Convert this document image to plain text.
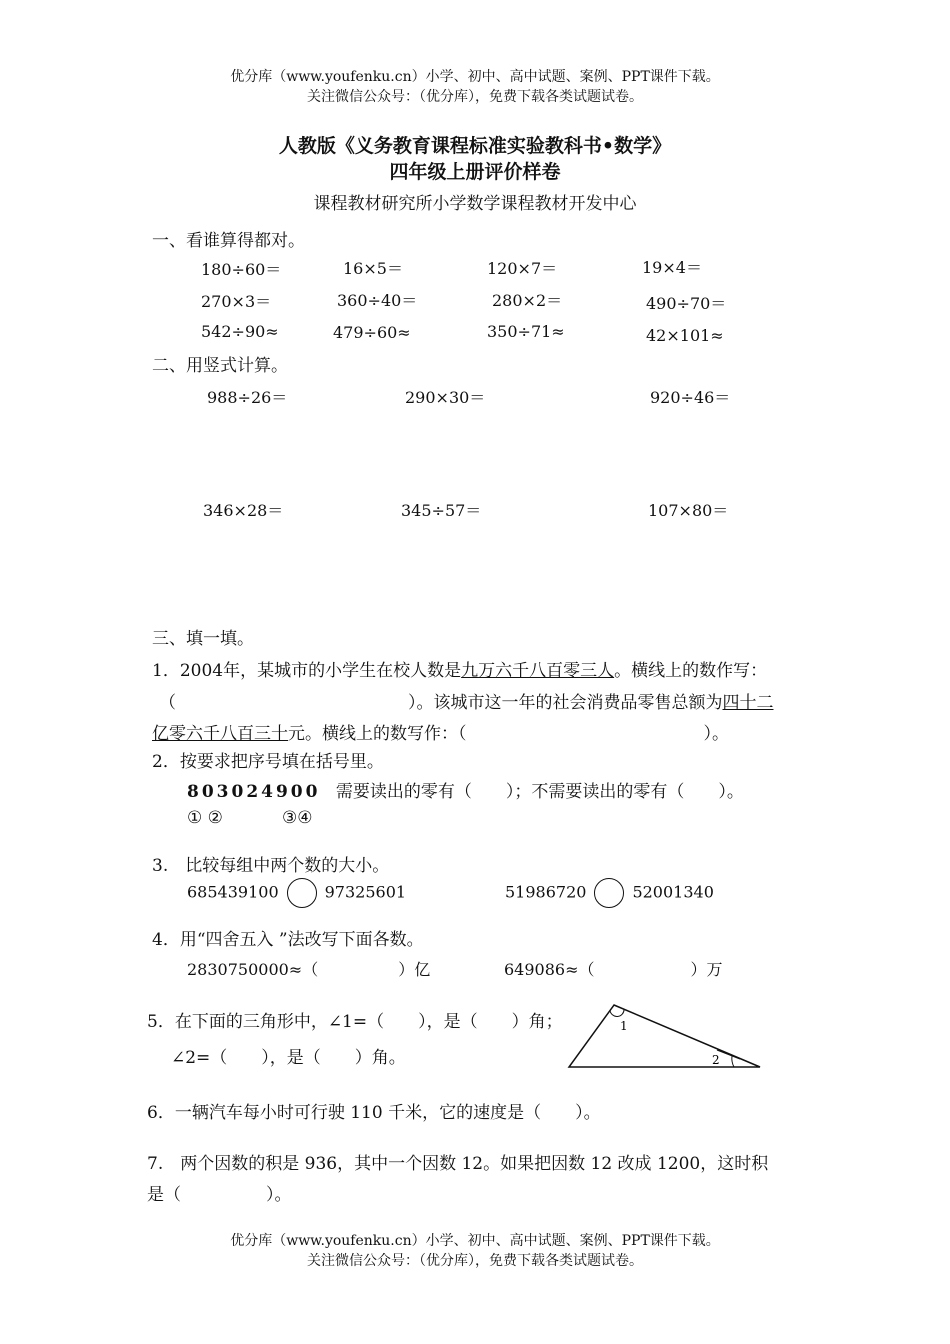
优分库（www.youfenku.cn）小学、初中、高中试题、案例、PPT课件下载。
关注微信公众号：（优分库），免费下载各类试题试卷。
人教版《义务教育课程标准实验教科书•数学》
四年级上册评价样卷
课程教材研究所小学数学课程教材开发中心
一、看谁算得都对。
180÷60＝	16×5＝	120×7＝	19×4＝
270×3＝	360÷40＝	280×2＝	490÷70＝
542÷90≈	479÷60≈	350÷71≈	42×101≈
二、用竖式计算。
988÷26＝	290×30＝	920÷46＝
346×28＝	345÷57＝	107×80＝
三、填一填。
1．2004年，某城市的小学生在校人数是九万六千八百零三人。横线上的数作写：
（	）。该城市这一年的社会消费品零售总额为四十二
亿零六千八百三十元。横线上的数写作：（	）。
2．按要求把序号填在括号里。
803024900 需要读出的零有（　　）；不需要读出的零有（　　）。
① ②	③④
3.　比较每组中两个数的大小。
685439100	97325601	51986720	52001340
4．用“四舍五入 ”法改写下面各数。
2830750000≈（　　　　　）亿	649086≈（　　　　　　）万
5．在下面的三角形中，∠1=（　　），是（　　）角；
∠2=（　　），是（　　）角。
1
2
6．一辆汽车每小时可行驶 110 千米，它的速度是（　　）。
7.　两个因数的积是 936，其中一个因数 12。如果把因数 12 改成 1200，这时积
是（　　　　　）。
优分库（www.youfenku.cn）小学、初中、高中试题、案例、PPT课件下载。
关注微信公众号：（优分库），免费下载各类试题试卷。
